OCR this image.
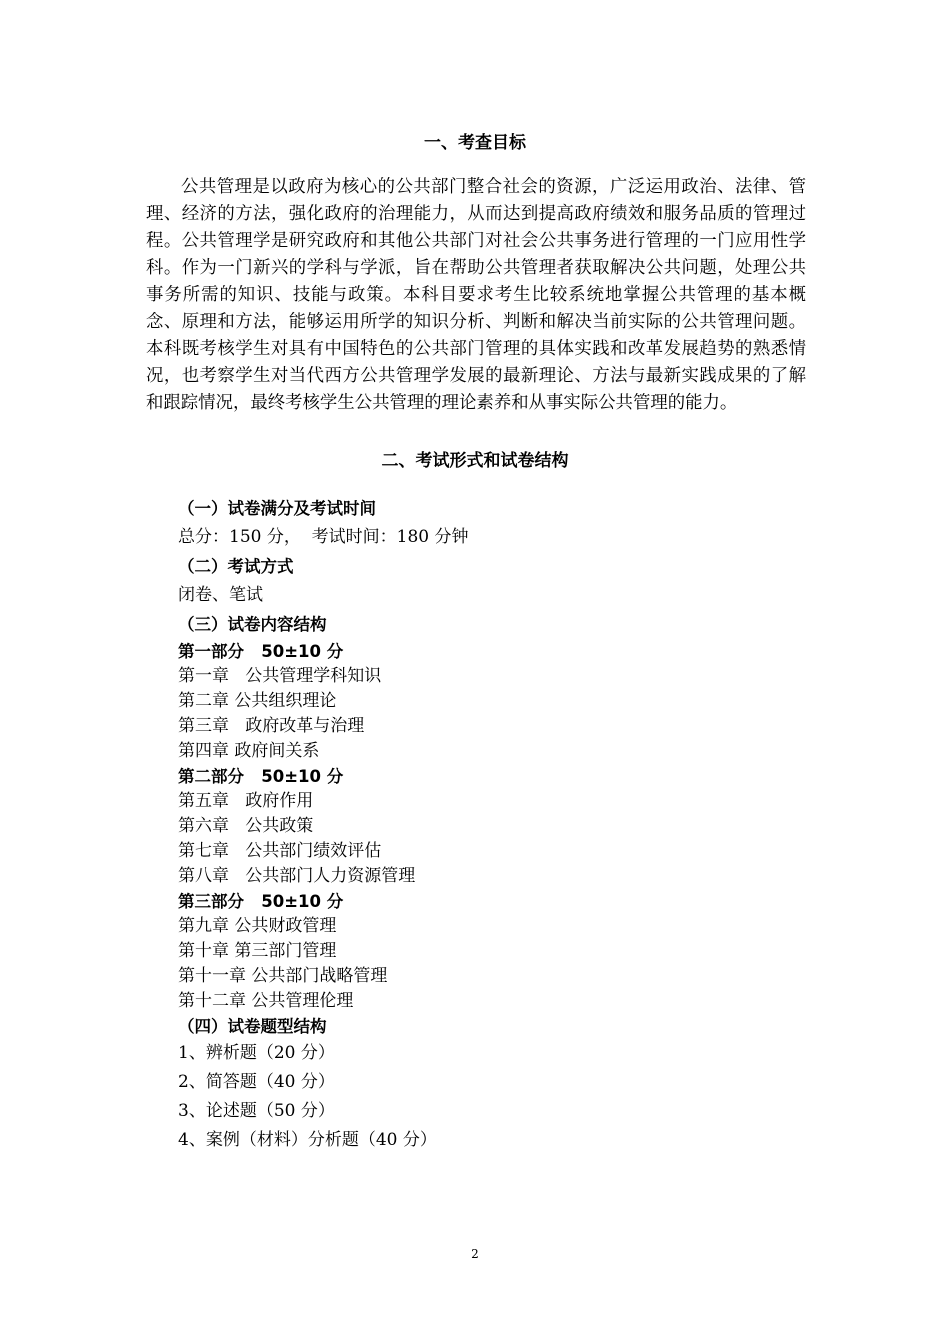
一、考查目标
公共管理是以政府为核心的公共部门整合社会的资源，广泛运用政治、法律、管理、经济的方法，强化政府的治理能力，从而达到提高政府绩效和服务品质的管理过程。公共管理学是研究政府和其他公共部门对社会公共事务进行管理的一门应用性学科。作为一门新兴的学科与学派，旨在帮助公共管理者获取解决公共问题，处理公共事务所需的知识、技能与政策。本科目要求考生比较系统地掌握公共管理的基本概念、原理和方法，能够运用所学的知识分析、判断和解决当前实际的公共管理问题。本科既考核学生对具有中国特色的公共部门管理的具体实践和改革发展趋势的熟悉情况，也考察学生对当代西方公共管理学发展的最新理论、方法与最新实践成果的了解和跟踪情况，最终考核学生公共管理的理论素养和从事实际公共管理的能力。
二、考试形式和试卷结构
（一）试卷满分及考试时间
总分：150 分，  考试时间：180 分钟
（二）考试方式
闭卷、笔试
（三）试卷内容结构
第一部分   50±10 分
第一章   公共管理学科知识
第二章 公共组织理论
第三章   政府改革与治理
第四章 政府间关系
第二部分   50±10 分
第五章   政府作用
第六章   公共政策
第七章   公共部门绩效评估
第八章   公共部门人力资源管理
第三部分   50±10 分
第九章 公共财政管理
第十章 第三部门管理
第十一章 公共部门战略管理
第十二章 公共管理伦理
（四）试卷题型结构
1、辨析题（20 分）
2、简答题（40 分）
3、论述题（50 分）
4、案例（材料）分析题（40 分）
2
